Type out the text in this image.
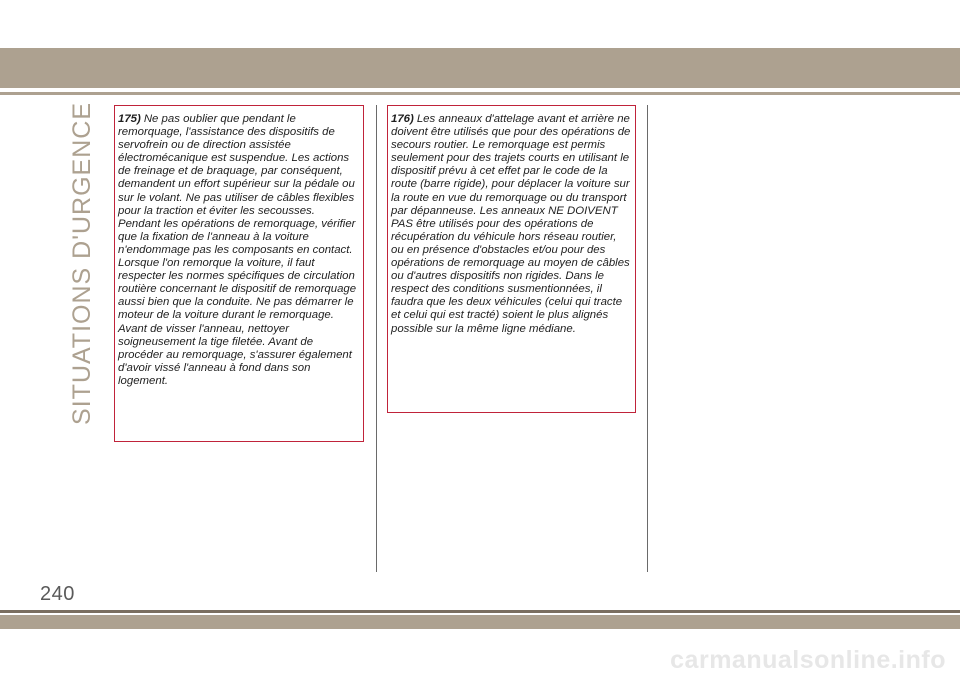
SITUATIONS D'URGENCE	175) Ne pas oublier que pendant le remorquage, l'assistance des dispositifs de servofrein ou de direction assistée électromécanique est suspendue. Les actions de freinage et de braquage, par conséquent, demandent un effort supérieur sur la pédale ou sur le volant. Ne pas utiliser de câbles flexibles pour la traction et éviter les secousses. Pendant les opérations de remorquage, vérifier que la fixation de l'anneau à la voiture n'endommage pas les composants en contact. Lorsque l'on remorque la voiture, il faut respecter les normes spécifiques de circulation routière concernant le dispositif de remorquage aussi bien que la conduite. Ne pas démarrer le moteur de la voiture durant le remorquage. Avant de visser l'anneau, nettoyer soigneusement la tige filetée. Avant de procéder au remorquage, s'assurer également d'avoir vissé l'anneau à fond dans son logement.
176) Les anneaux d'attelage avant et arrière ne doivent être utilisés que pour des opérations de secours routier. Le remorquage est permis seulement pour des trajets courts en utilisant le dispositif prévu à cet effet par le code de la route (barre rigide), pour déplacer la voiture sur la route en vue du remorquage ou du transport par dépanneuse. Les anneaux NE DOIVENT PAS être utilisés pour des opérations de récupération du véhicule hors réseau routier, ou en présence d'obstacles et/ou pour des opérations de remorquage au moyen de câbles ou d'autres dispositifs non rigides. Dans le respect des conditions susmentionnées, il faudra que les deux véhicules (celui qui tracte et celui qui est tracté) soient le plus alignés possible sur la même ligne médiane.
240
carmanualsonline.info
